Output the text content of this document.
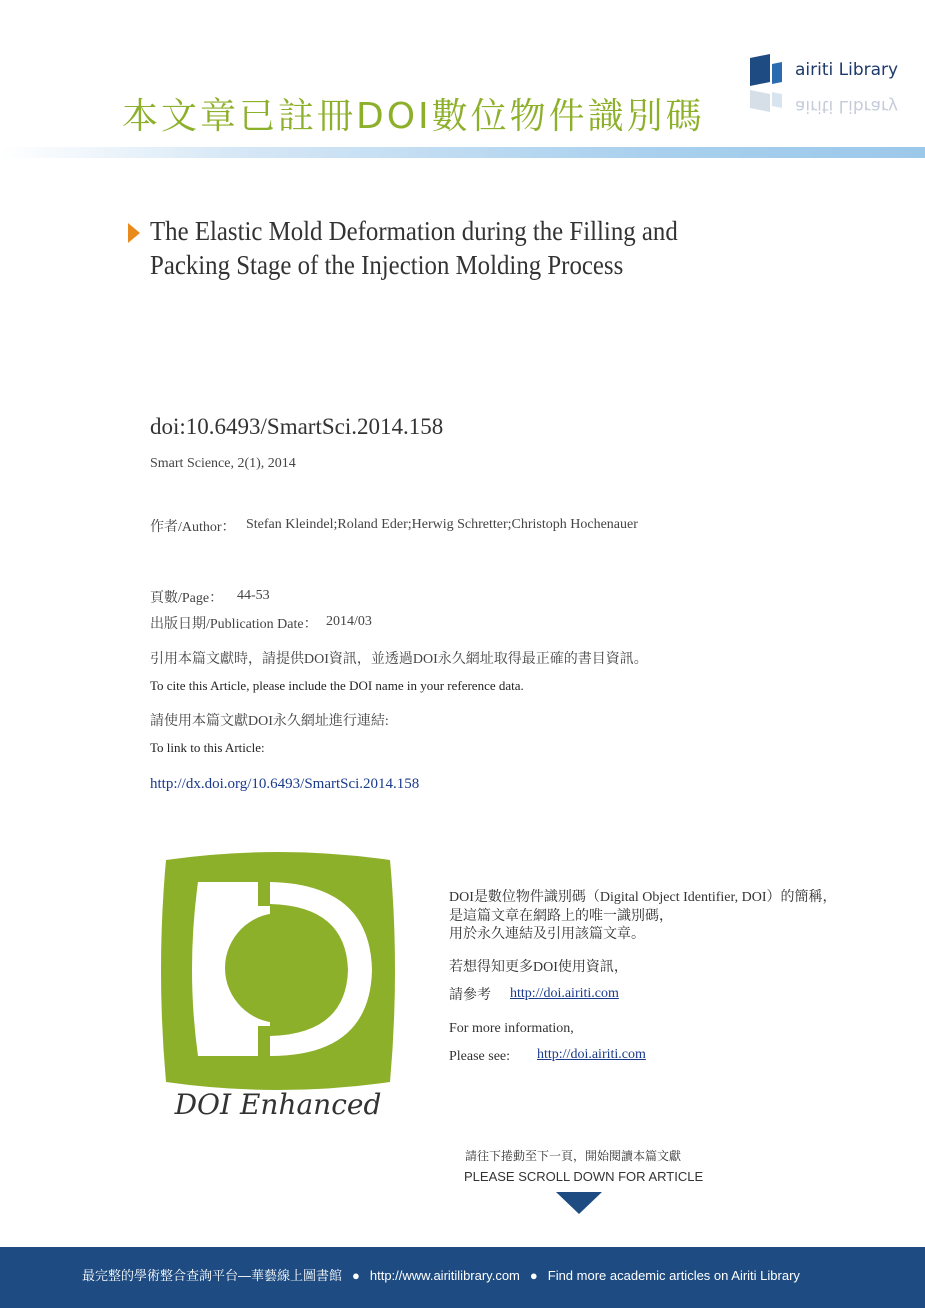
本文章已註冊DOI數位物件識別碼
airiti Library
airiti Library
The Elastic Mold Deformation during the Filling and Packing Stage of the Injection Molding Process
doi:10.6493/SmartSci.2014.158
Smart Science, 2(1), 2014
作者/Author： Stefan Kleindel;Roland Eder;Herwig Schretter;Christoph Hochenauer
頁數/Page： 44-53
出版日期/Publication Date： 2014/03
引用本篇文獻時，請提供DOI資訊，並透過DOI永久網址取得最正確的書目資訊。
To cite this Article, please include the DOI name in your reference data.
請使用本篇文獻DOI永久網址進行連結:
To link to this Article:
http://dx.doi.org/10.6493/SmartSci.2014.158
DOI Enhanced
DOI是數位物件識別碼（Digital Object Identifier, DOI）的簡稱，
是這篇文章在網路上的唯一識別碼，
用於永久連結及引用該篇文章。
若想得知更多DOI使用資訊，
請參考 http://doi.airiti.com
For more information,
Please see: http://doi.airiti.com
請往下捲動至下一頁，開始閱讀本篇文獻
PLEASE SCROLL DOWN FOR ARTICLE
最完整的學術整合查詢平台—華藝線上圖書館 ● http://www.airitilibrary.com ● Find more academic articles on Airiti Library
